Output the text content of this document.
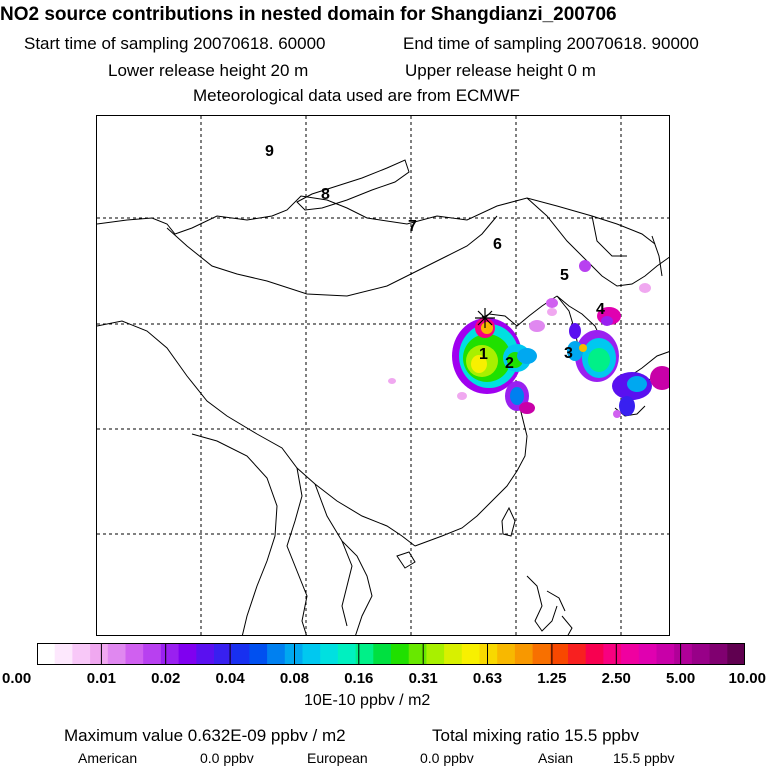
NO2 source contributions in nested domain for Shangdianzi_200706
Start time of sampling 20070618. 60000	End time of sampling 20070618. 90000
Lower release height 20 m	Upper release height 0 m
Meteorological data used are from ECMWF
1
2
3
4
5
6
7
8
9
0.00	0.01	0.02	0.04	0.08	0.16	0.31	0.63	1.25	2.50	5.00	10.00
10E-10 ppbv / m2
Maximum value 0.632E-09 ppbv / m2	Total mixing ratio 15.5 ppbv
American	0.0 ppbv	European	0.0 ppbv	Asian	15.5 ppbv
